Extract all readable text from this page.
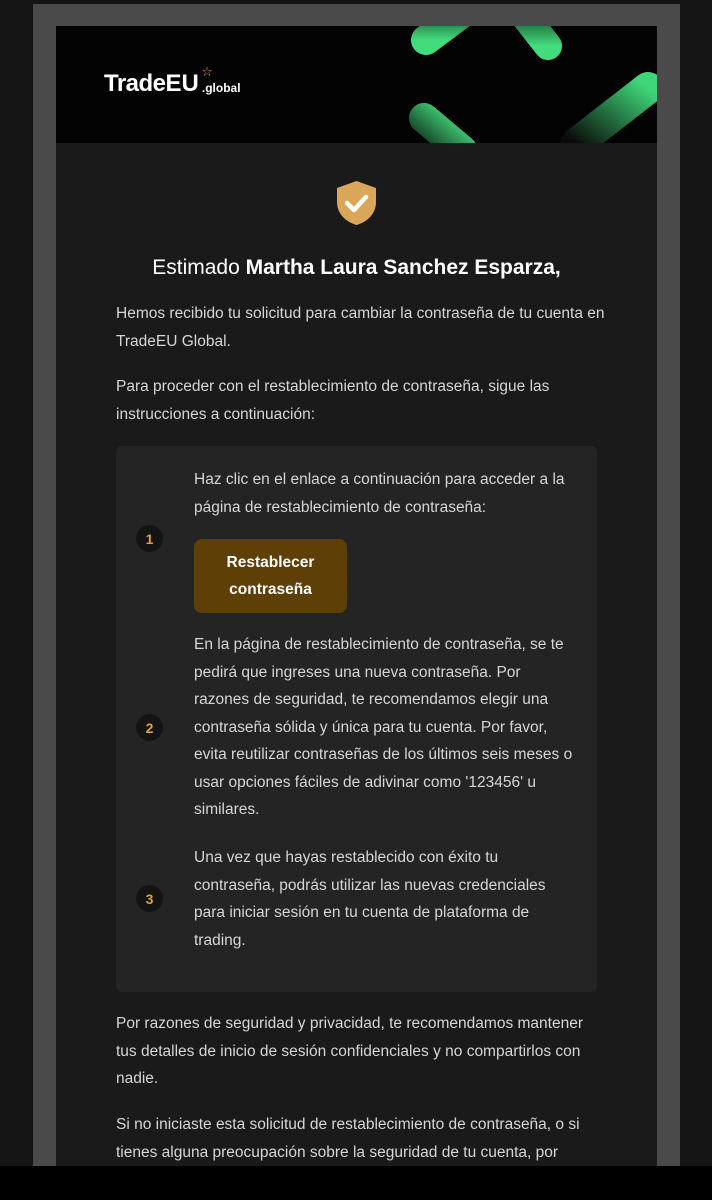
Trade EU ☆
.global
Estimado Martha Laura Sanchez Esparza,

Hemos recibido tu solicitud para cambiar la contraseña de tu cuenta en TradeEU Global.

Para proceder con el restablecimiento de contraseña, sigue las instrucciones a continuación:

1

Haz clic en el enlace a continuación para acceder a la página de restablecimiento de contraseña:

Restablecer contraseña
2

En la página de restablecimiento de contraseña, se te pedirá que ingreses una nueva contraseña. Por razones de seguridad, te recomendamos elegir una contraseña sólida y única para tu cuenta. Por favor, evita reutilizar contraseñas de los últimos seis meses o usar opciones fáciles de adivinar como '123456' u similares.

3

Una vez que hayas restablecido con éxito tu contraseña, podrás utilizar las nuevas credenciales para iniciar sesión en tu cuenta de plataforma de trading.

Por razones de seguridad y privacidad, te recomendamos mantener tus detalles de inicio de sesión confidenciales y no compartirlos con nadie.

Si no iniciaste esta solicitud de restablecimiento de contraseña, o si tienes alguna preocupación sobre la seguridad de tu cuenta, por
